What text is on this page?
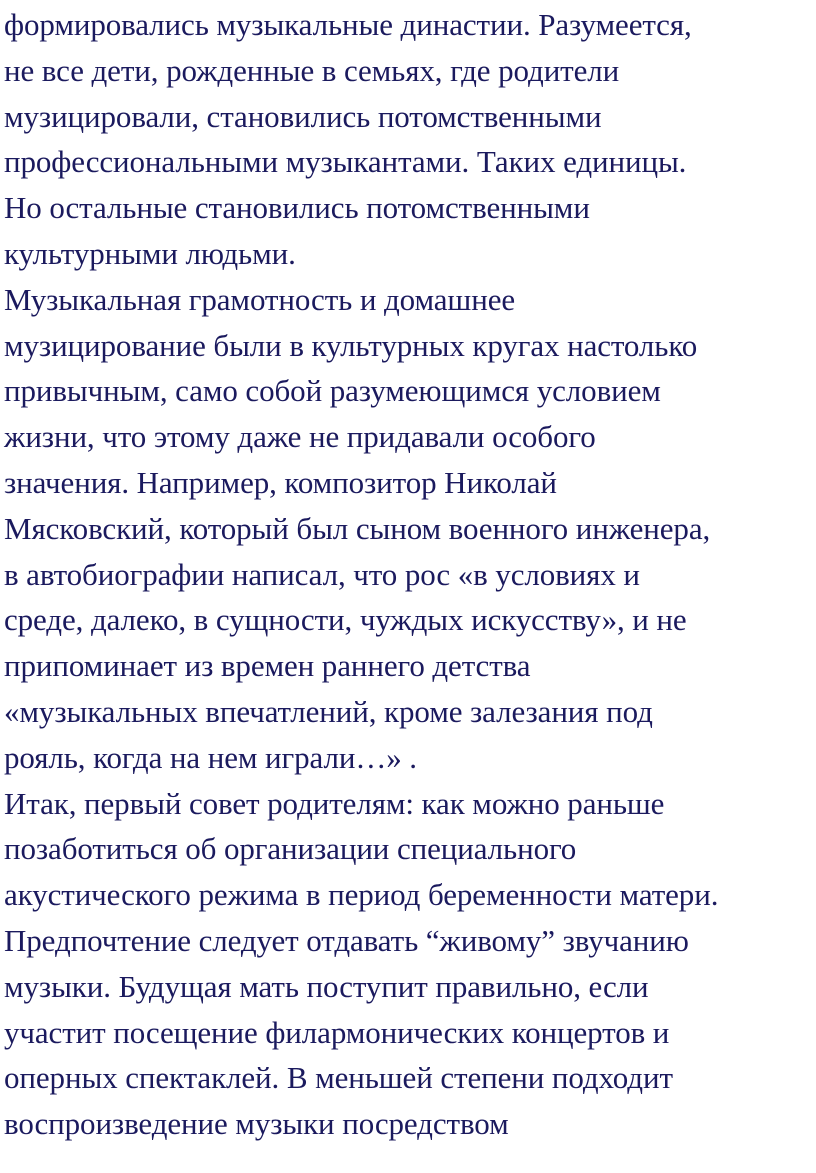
формировались музыкальные династии. Разумеется,
не все дети, рожденные в семьях, где родители
музицировали, становились потомственными
профессиональными музыкантами. Таких единицы.
Но остальные становились потомственными
культурными людьми.
Музыкальная грамотность и домашнее
музицирование были в культурных кругах настолько
привычным, само собой разумеющимся условием
жизни, что этому даже не придавали особого
значения. Например, композитор Николай
Мясковский, который был сыном военного инженера,
в автобиографии написал, что рос «в условиях и
среде, далеко, в сущности, чуждых искусству», и не
припоминает из времен раннего детства
«музыкальных впечатлений, кроме залезания под
рояль, когда на нем играли…» .
Итак, первый совет родителям: как можно раньше
позаботиться об организации специального
акустического режима в период беременности матери.
Предпочтение следует отдавать “живому” звучанию
музыки. Будущая мать поступит правильно, если
участит посещение филармонических концертов и
оперных спектаклей. В меньшей степени подходит
воспроизведение музыки посредством
